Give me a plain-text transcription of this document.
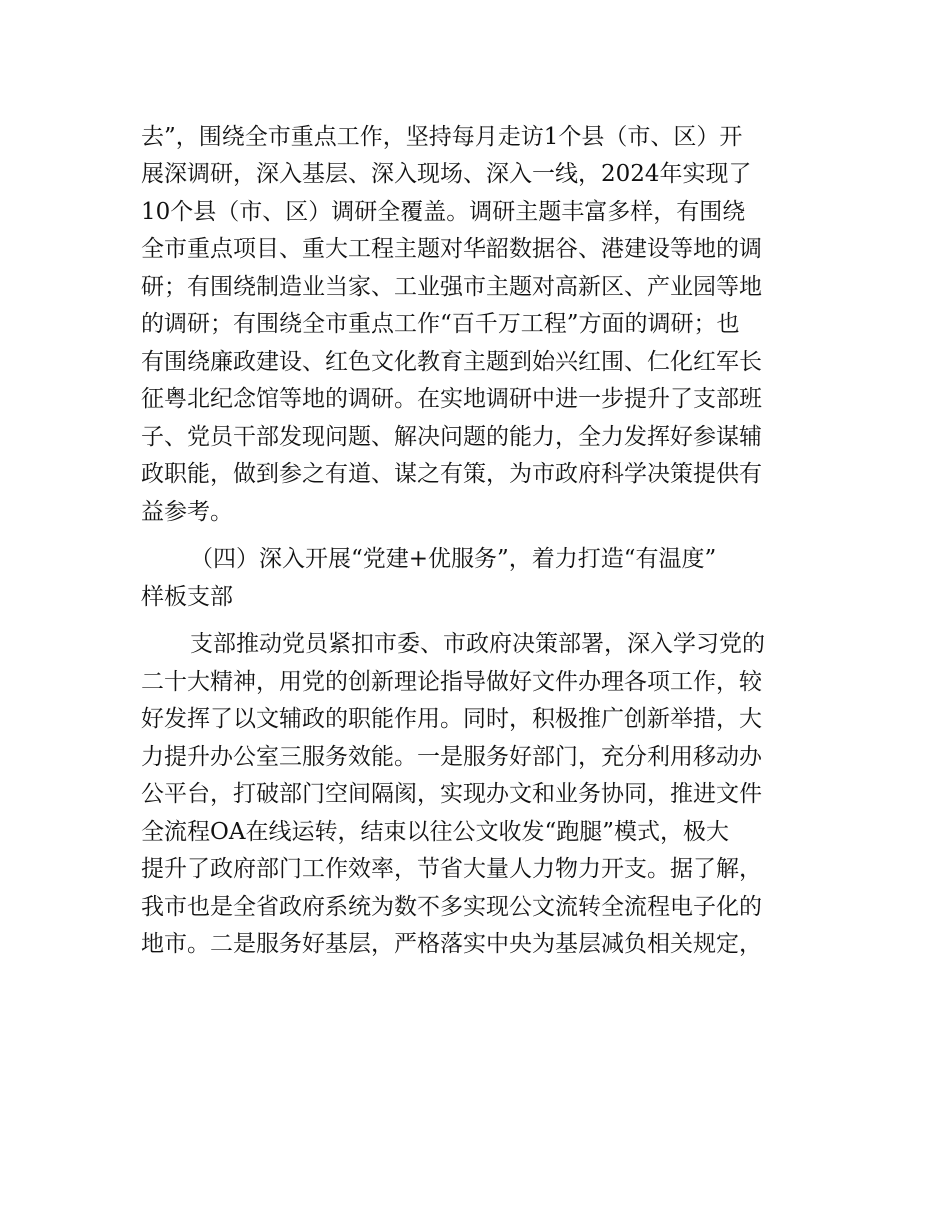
去”，围绕全市重点工作，坚持每月走访1个县（市、区）开
展深调研，深入基层、深入现场、深入一线，2024年实现了
10个县（市、区）调研全覆盖。调研主题丰富多样，有围绕
全市重点项目、重大工程主题对华韶数据谷、港建设等地的调
研；有围绕制造业当家、工业强市主题对高新区、产业园等地
的调研；有围绕全市重点工作“百千万工程”方面的调研；也
有围绕廉政建设、红色文化教育主题到始兴红围、仁化红军长
征粤北纪念馆等地的调研。在实地调研中进一步提升了支部班
子、党员干部发现问题、解决问题的能力，全力发挥好参谋辅
政职能，做到参之有道、谋之有策，为市政府科学决策提供有
益参考。
（四）深入开展“党建+优服务”，着力打造“有温度”
样板支部
支部推动党员紧扣市委、市政府决策部署，深入学习党的
二十大精神，用党的创新理论指导做好文件办理各项工作，较
好发挥了以文辅政的职能作用。同时，积极推广创新举措，大
力提升办公室三服务效能。一是服务好部门，充分利用移动办
公平台，打破部门空间隔阂，实现办文和业务协同，推进文件
全流程OA在线运转，结束以往公文收发“跑腿”模式，极大
提升了政府部门工作效率，节省大量人力物力开支。据了解，
我市也是全省政府系统为数不多实现公文流转全流程电子化的
地市。二是服务好基层，严格落实中央为基层减负相关规定，
